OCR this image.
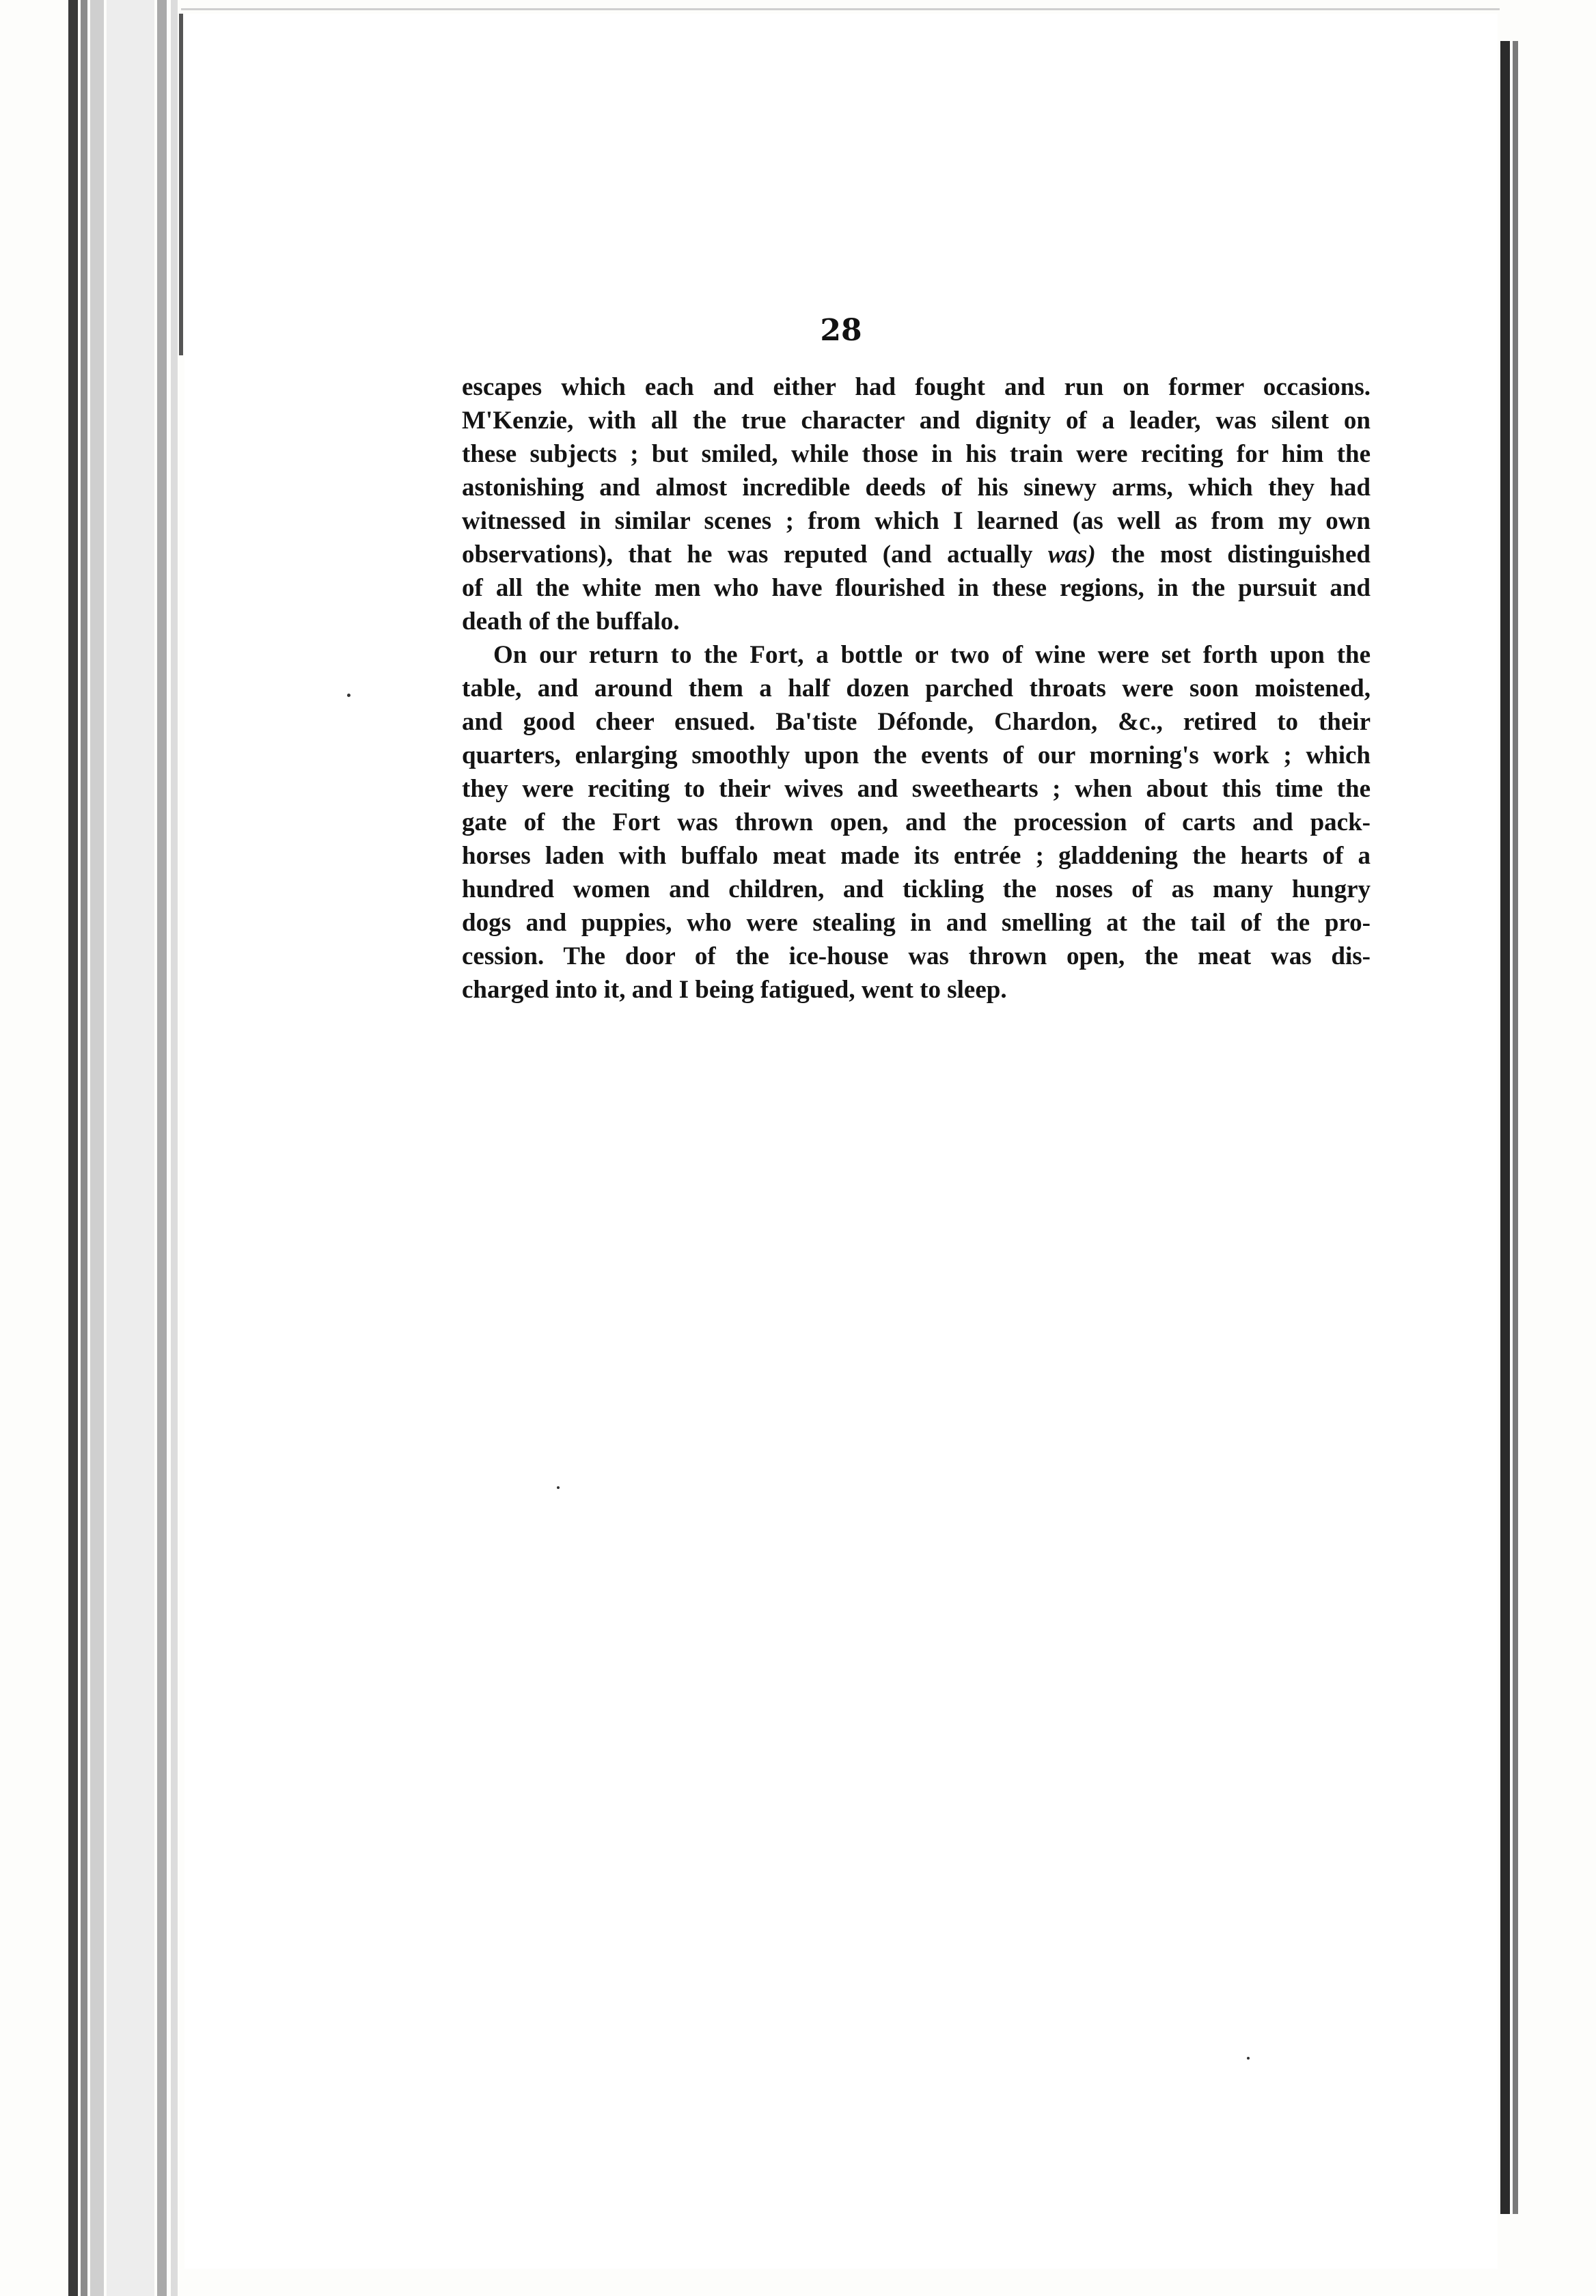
28

escapes which each and either had fought and run on former occasions.
M'Kenzie, with all the true character and dignity of a leader, was silent on
these subjects ; but smiled, while those in his train were reciting for him the
astonishing and almost incredible deeds of his sinewy arms, which they had
witnessed in similar scenes ; from which I learned (as well as from my own
observations), that he was reputed (and actually was) the most distinguished
of all the white men who have flourished in these regions, in the pursuit and
death of the buffalo.

On our return to the Fort, a bottle or two of wine were set forth upon the
table, and around them a half dozen parched throats were soon moistened,
and good cheer ensued. Ba'tiste Défonde, Chardon, &c., retired to their
quarters, enlarging smoothly upon the events of our morning's work ; which
they were reciting to their wives and sweethearts ; when about this time the
gate of the Fort was thrown open, and the procession of carts and pack-
horses laden with buffalo meat made its entrée ; gladdening the hearts of a
hundred women and children, and tickling the noses of as many hungry
dogs and puppies, who were stealing in and smelling at the tail of the pro-
cession. The door of the ice-house was thrown open, the meat was dis-
charged into it, and I being fatigued, went to sleep.
